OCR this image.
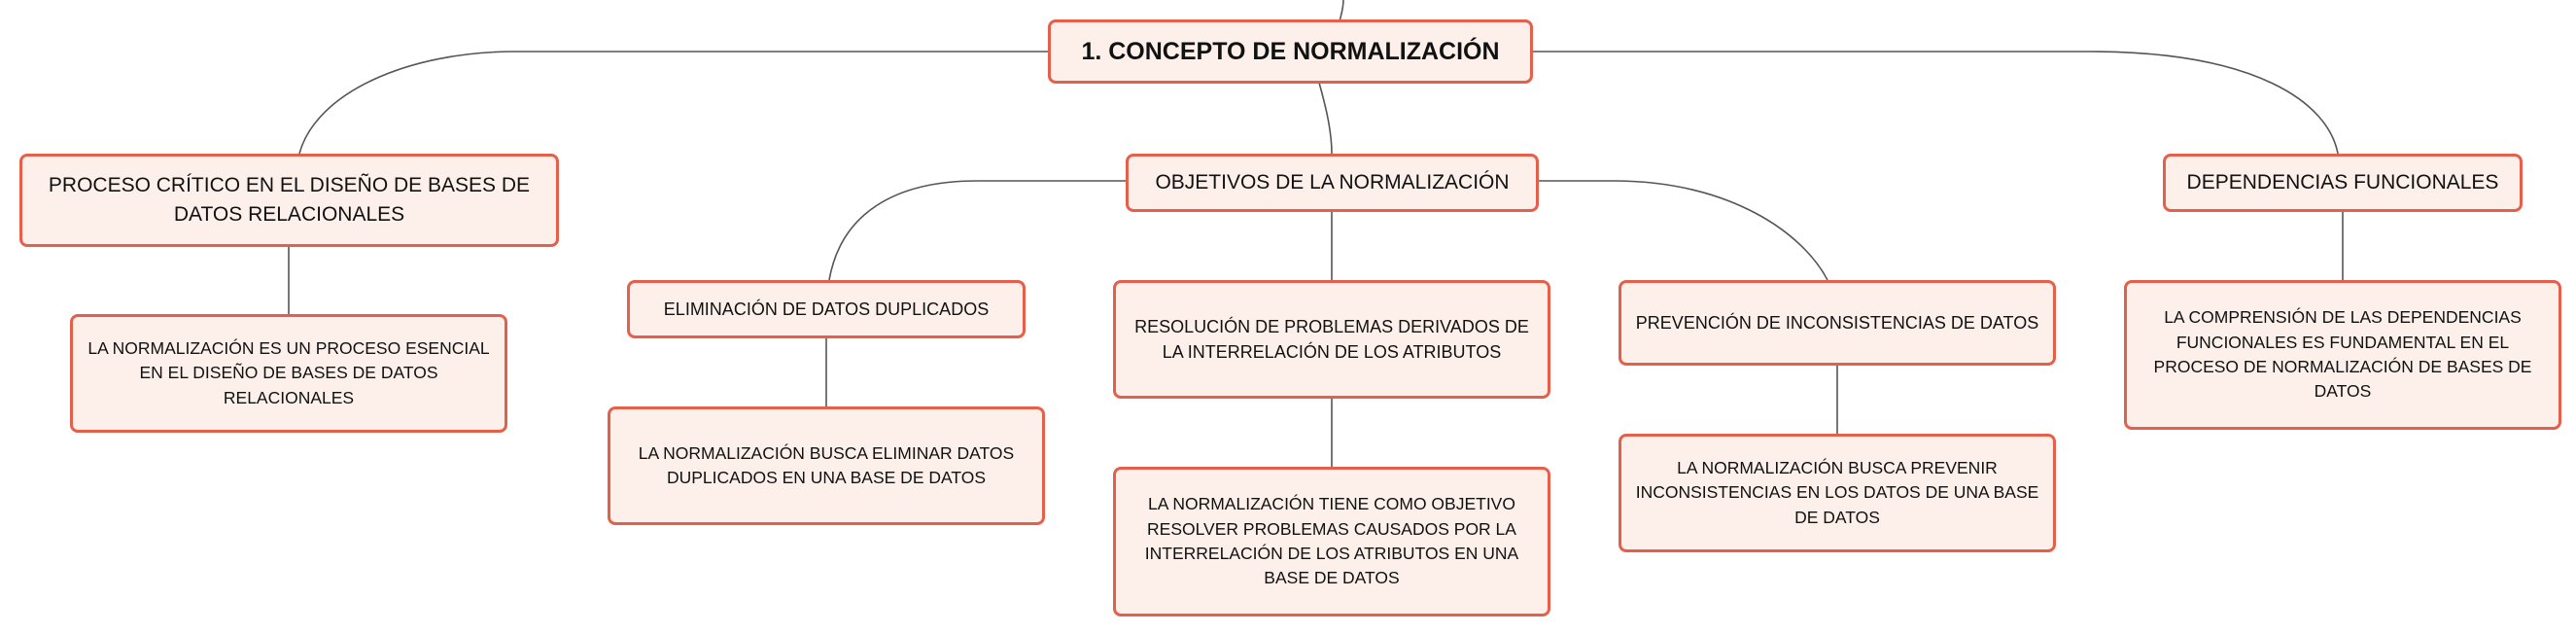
1. CONCEPTO DE NORMALIZACIÓN
PROCESO CRÍTICO EN EL DISEÑO DE BASES DE DATOS RELACIONALES
OBJETIVOS DE LA NORMALIZACIÓN	DEPENDENCIAS FUNCIONALES
LA NORMALIZACIÓN ES UN PROCESO ESENCIAL EN EL DISEÑO DE BASES DE DATOS RELACIONALES
ELIMINACIÓN DE DATOS DUPLICADOS
RESOLUCIÓN DE PROBLEMAS DERIVADOS DE LA INTERRELACIÓN DE LOS ATRIBUTOS
PREVENCIÓN DE INCONSISTENCIAS DE DATOS
LA NORMALIZACIÓN BUSCA ELIMINAR DATOS DUPLICADOS EN UNA BASE DE DATOS
LA NORMALIZACIÓN TIENE COMO OBJETIVO RESOLVER PROBLEMAS CAUSADOS POR LA INTERRELACIÓN DE LOS ATRIBUTOS EN UNA BASE DE DATOS
LA NORMALIZACIÓN BUSCA PREVENIR INCONSISTENCIAS EN LOS DATOS DE UNA BASE DE DATOS
LA COMPRENSIÓN DE LAS DEPENDENCIAS FUNCIONALES ES FUNDAMENTAL EN EL PROCESO DE NORMALIZACIÓN DE BASES DE DATOS
